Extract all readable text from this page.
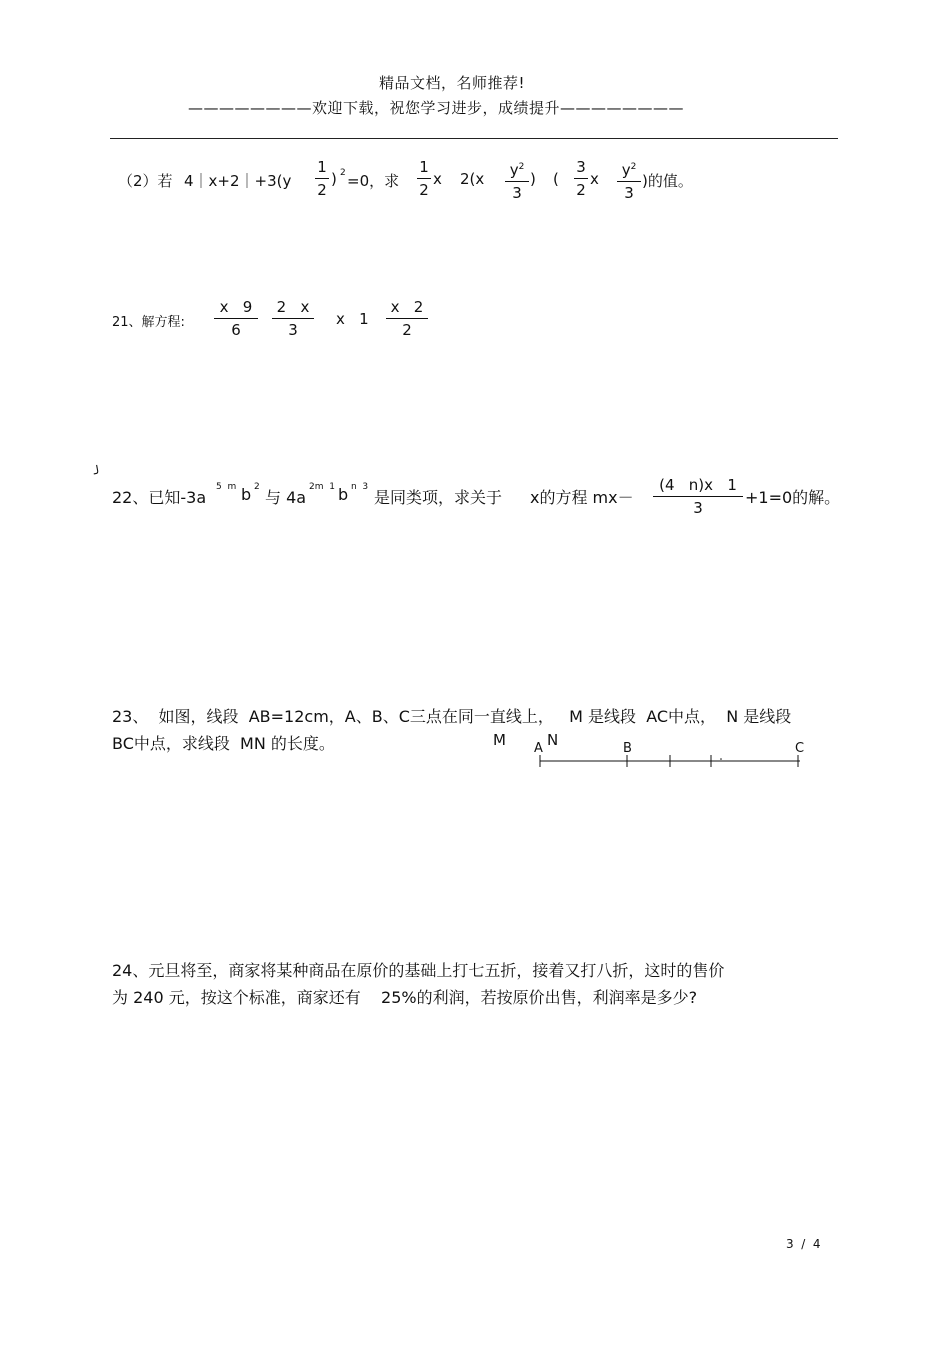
精品文档，名师推荐!
————————欢迎下载，祝您学习进步，成绩提升————————
（2）若 4｜x+2｜+3(y
1
2
) 2 =0，求
1
2
x 2(x	$y^2$
3
) (
3
2
x	$y^2$
3
)的值。
21、解方程:
x   9
6
2   x
3
x   1
x   2
2
╯
22、已知-3a
5  m b 2
与 4a
2m  1 b n  3
是同类项，求关于 x的方程 mx－
(4   n)x   1
3
+1=0的解。
23、  如图，线段  AB=12cm，A、B、C三点在同一直线上，   M 是线段  AC中点，  N 是线段
BC中点，求线段  MN 的长度。	M A N	B	C
24、元旦将至，商家将某种商品在原价的基础上打七五折，接着又打八折，这时的售价
为 240 元，按这个标准，商家还有    25%的利润，若按原价出售，利润率是多少?
3  /  4
